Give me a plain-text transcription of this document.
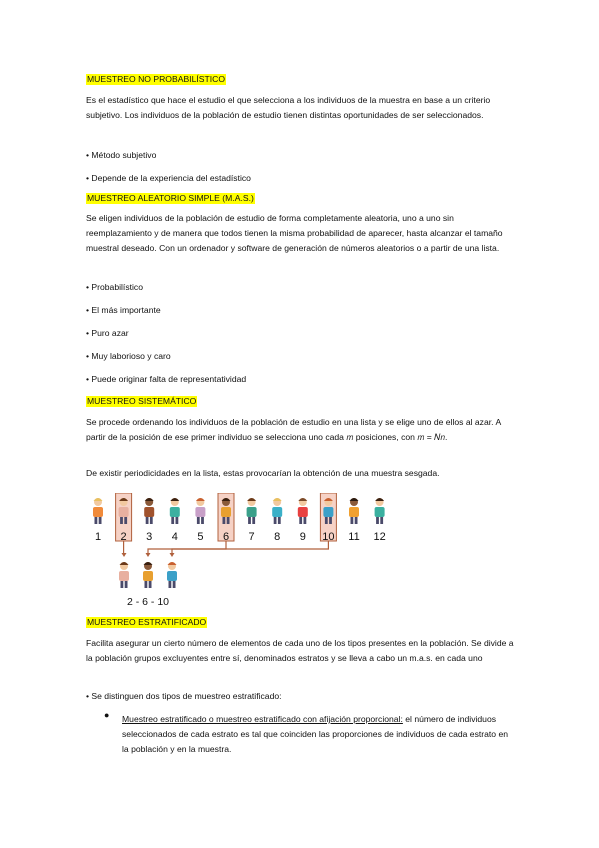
MUESTREO NO PROBABILÍSTICO

Es el estadístico que hace el estudio el que selecciona a los individuos de la muestra en base a un criterio subjetivo. Los individuos de la población de estudio tienen distintas oportunidades de ser seleccionados.

• Método subjetivo
• Depende de la experiencia del estadístico
MUESTREO ALEATORIO SIMPLE (M.A.S.)

Se eligen individuos de la población de estudio de forma completamente aleatoria, uno a uno sin reemplazamiento y de manera que todos tienen la misma probabilidad de aparecer, hasta alcanzar el tamaño muestral deseado. Con un ordenador y software de generación de números aleatorios o a partir de una lista.

• Probabilístico
• El más importante
• Puro azar
• Muy laborioso y caro
• Puede originar falta de representatividad
MUESTREO SISTEMÁTICO

Se procede ordenando los individuos de la población de estudio en una lista y se elige uno de ellos al azar. A partir de la posición de ese primer individuo se selecciona uno cada 𝑚 posiciones, con 𝑚 = 𝑁𝑛.

De existir periodicidades en la lista, estas provocarían la obtención de una muestra sesgada.

1 2 3 4 5 6 7 8 9 10 11 12
2 - 6 - 10
MUESTREO ESTRATIFICADO

Facilita asegurar un cierto número de elementos de cada uno de los tipos presentes en la población. Se divide a la población grupos excluyentes entre sí, denominados estratos y se lleva a cabo un m.a.s. en cada uno

• Se distinguen dos tipos de muestreo estratificado:
● Muestreo estratificado o muestreo estratificado con afijación proporcional: el número de individuos seleccionados de cada estrato es tal que coinciden las proporciones de individuos de cada estrato en la población y en la muestra.
